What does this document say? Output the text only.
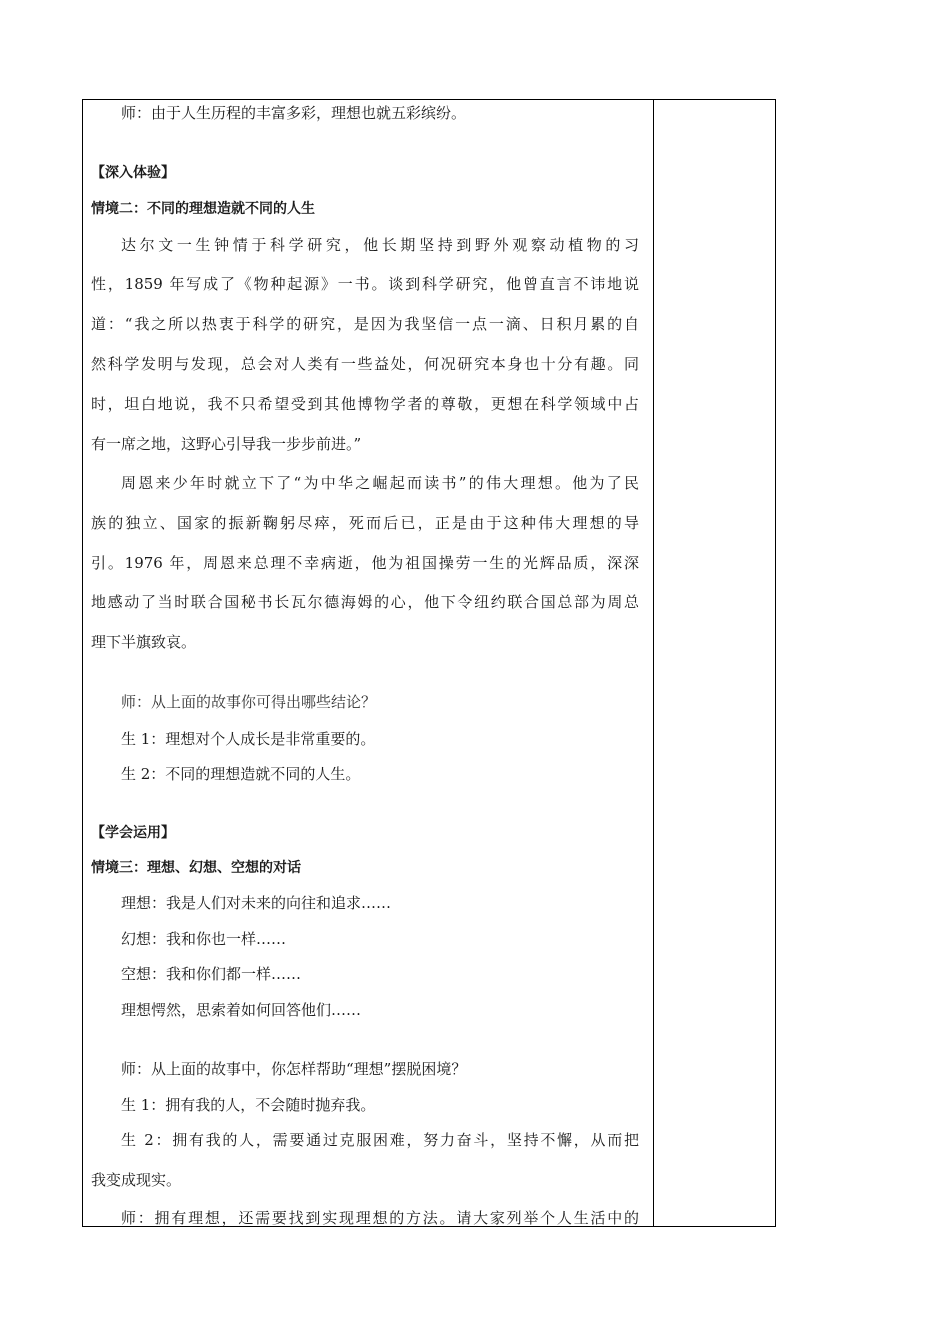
师：由于人生历程的丰富多彩，理想也就五彩缤纷。
【深入体验】
情境二：不同的理想造就不同的人生
达尔文一生钟情于科学研究，他长期坚持到野外观察动植物的习
性，1859 年写成了《物种起源》一书。谈到科学研究，他曾直言不讳地说
道：“我之所以热衷于科学的研究，是因为我坚信一点一滴、日积月累的自
然科学发明与发现，总会对人类有一些益处，何况研究本身也十分有趣。同
时，坦白地说，我不只希望受到其他博物学者的尊敬，更想在科学领域中占
有一席之地，这野心引导我一步步前进。”
周恩来少年时就立下了“为中华之崛起而读书”的伟大理想。他为了民
族的独立、国家的振新鞠躬尽瘁，死而后已，正是由于这种伟大理想的导
引。1976 年，周恩来总理不幸病逝，他为祖国操劳一生的光辉品质，深深
地感动了当时联合国秘书长瓦尔德海姆的心，他下令纽约联合国总部为周总
理下半旗致哀。
师：从上面的故事你可得出哪些结论？
生 1：理想对个人成长是非常重要的。
生 2：不同的理想造就不同的人生。
【学会运用】
情境三：理想、幻想、空想的对话
理想：我是人们对未来的向往和追求……
幻想：我和你也一样……
空想：我和你们都一样……
理想愕然，思索着如何回答他们……
师：从上面的故事中，你怎样帮助“理想”摆脱困境？
生 1：拥有我的人，不会随时抛弃我。
生 2：拥有我的人，需要通过克服困难，努力奋斗，坚持不懈，从而把
我变成现实。
师：拥有理想，还需要找到实现理想的方法。请大家列举个人生活中的
